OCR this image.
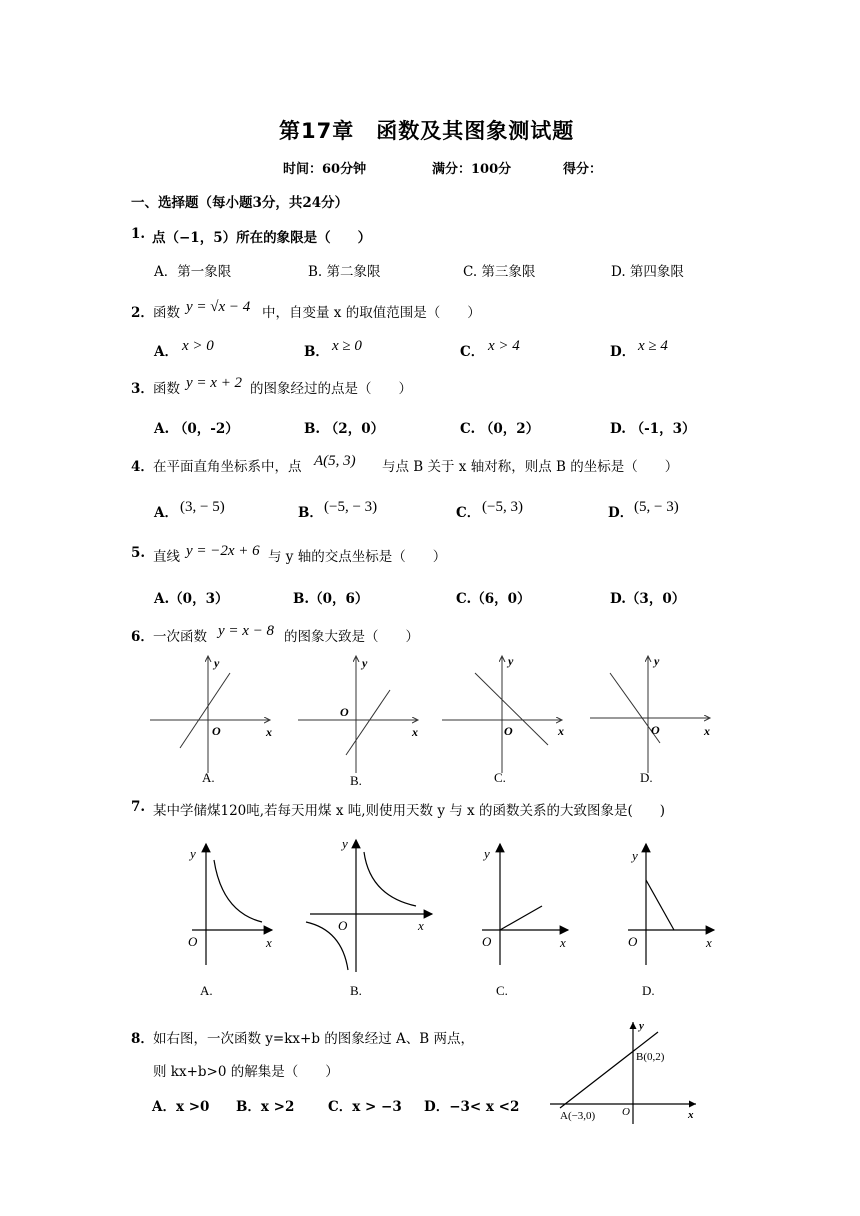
第17章　函数及其图象测试题
时间：60分钟	满分：100分	得分：
一、选择题（每小题3分，共24分）
1. 点（−1，5）所在的象限是（　　）
A．第一象限	B. 第二象限	C. 第三象限	D. 第四象限
2． 函数 y = √x − 4 中，自变量 x 的取值范围是（　　）
A． x > 0	B． x ≥ 0	C． x > 4	D． x ≥ 4
3． 函数 y = x + 2 的图象经过的点是（　　）
A. （0，-2）	B. （2，0）	C. （0，2）	D. （-1，3）
4． 在平面直角坐标系中，点 A(5, 3) 与点 B 关于 x 轴对称，则点 B 的坐标是（　　）
A． (3, − 5)	B． (−5, − 3)	C． (−5, 3)	D． (5, − 3)
5. 直线 y = −2x + 6 与 y 轴的交点坐标是（　　）
A.（0，3）	B.（0，6）	C.（6，0）	D.（3，0）
6． 一次函数 y = x − 8 的图象大致是（　　）
y
x
O
y
x
O
y
x
O
y
x
O
A.	B.	C.	D.
7. 某中学储煤120吨,若每天用煤 x 吨,则使用天数 y 与 x 的函数关系的大致图象是(　　)
y
x
O
y
x
O
y
x
O
y
x
O
A.	B.	C.	D.
8． 如右图，一次函数 y=kx+b 的图象经过 A、B 两点，
则 kx+b>0 的解集是（　　）
A．x >0 B．x >2 C．x > −3 D．−3< x <2
y
x
O
B(0,2)
A(−3,0)
